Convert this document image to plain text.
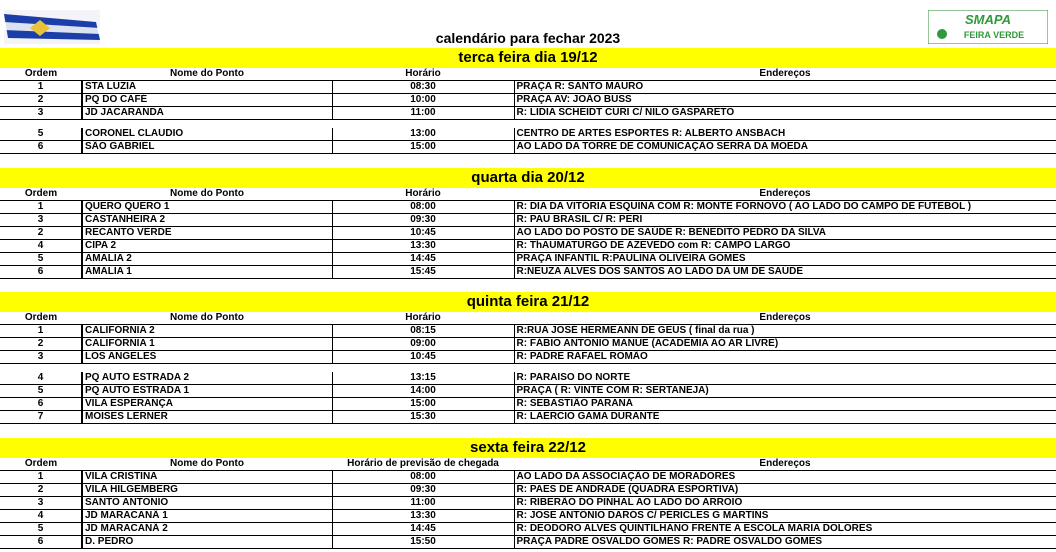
SMAPA
FEIRA VERDE
calendário para fechar 2023
terca feira dia 19/12
Ordem	Nome do Ponto	Horário	Endereços
1	STA LUZIA	08:30	PRAÇA R: SANTO MAURO
2	PQ DO CAFÉ	10:00	PRAÇA AV: JOÃO BUSS
3	JD JACARANDA	11:00	R: LIDIA SCHEIDT CURI C/ NILO GASPARETO

5	CORONEL CLAUDIO	13:00	CENTRO DE ARTES ESPORTES R: ALBERTO ANSBACH
6	SÃO GABRIEL	15:00	AO LADO DA TORRE DE COMUNICAÇÃO SERRA DA MOEDA
quarta dia 20/12
Ordem	Nome do Ponto	Horário	Endereços
1	QUERO QUERO 1	08:00	R: DIA DA VITÓRIA ESQUINA COM R: MONTE FORNOVO ( AO LADO DO CAMPO DE FUTEBOL )
3	CASTANHEIRA 2	09:30	R: PAU BRASIL C/ R: PERI
2	RECANTO VERDE	10:45	AO LADO DO POSTO DE SAÚDE R: BENEDITO PEDRO DA SILVA
4	CIPA 2	13:30	R: ThAUMATURGO DE AZEVEDO com R: CAMPO LARGO
5	AMALIA 2	14:45	PRAÇA INFANTIL R:PAULINA OLIVEIRA GOMES
6	AMALIA 1	15:45	R:NEUZA ALVES DOS SANTOS AO LADO DA UM DE SAÚDE
quinta feira 21/12
Ordem	Nome do Ponto	Horário	Endereços
1	CALIFÓRNIA 2	08:15	R:RUA JOSÉ HERMEANN DE GEUS ( final da rua )
2	CALIFÓRNIA 1	09:00	R: FÁBIO ANTONIO MANUE (ACADEMIA AO AR LIVRE)
3	LOS ANGELES	10:45	R: PADRE RAFAEL ROMÃO

4	PQ AUTO ESTRADA 2	13:15	R: PARAISO DO NORTE
5	PQ AUTO ESTRADA 1	14:00	PRAÇA ( R: VINTE COM R: SERTANEJA)
6	VILA ESPERANÇA	15:00	R: SEBASTIÃO PARANÁ
7	MOISES LERNER	15:30	R: LAERCIO GAMA DURANTE
sexta feira 22/12
Ordem	Nome do Ponto	Horário de previsão de chegada	Endereços
1	VILA CRISTINA	08:00	AO LADO DA ASSOCIAÇÃO DE MORADORES
2	VILA HILGEMBERG	09:30	R: PAES DE ANDRADE (QUADRA ESPORTIVA)
3	SANTO ANTONIO	11:00	R: RIBERÃO DO PINHAL AO LADO DO ARROIO
4	JD MARACANÃ 1	13:30	R: JOSE ANTÔNIO DARÓS C/ PÉRICLES G MARTINS
5	JD MARACANÃ 2	14:45	R: DEODORO ALVES QUINTILHANO FRENTE A ESCOLA MARIA DOLORES
6	D. PEDRO	15:50	PRAÇA PADRE OSVALDO GOMES R: PADRE OSVALDO GOMES
